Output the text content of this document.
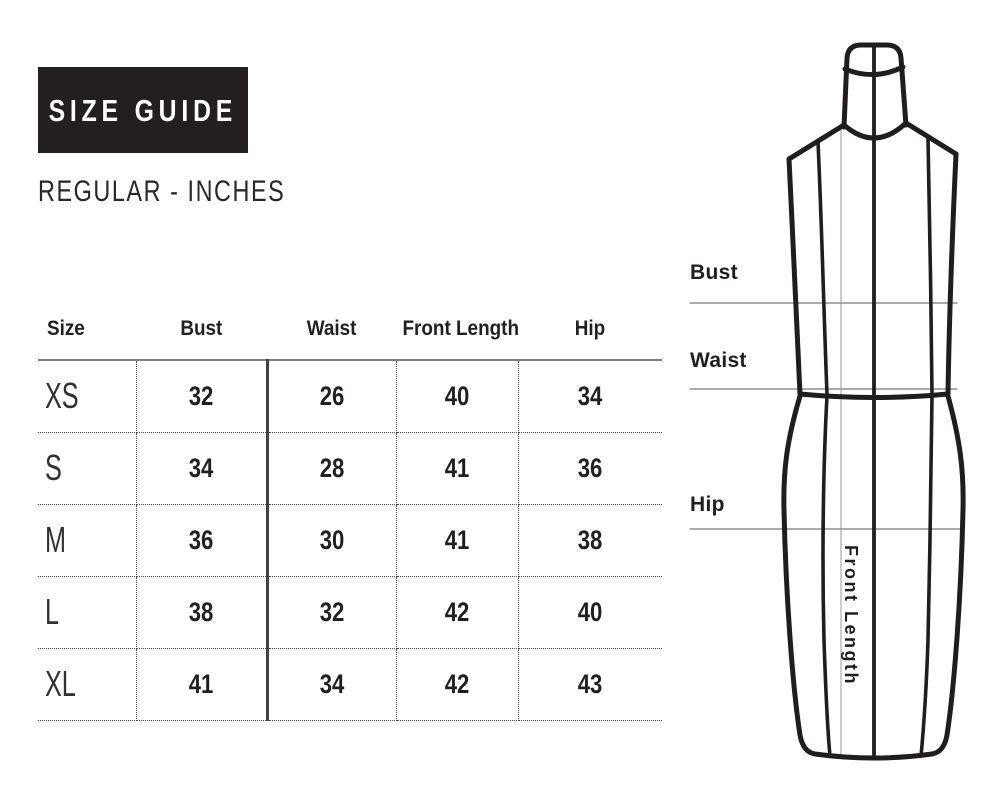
SIZE GUIDE
REGULAR - INCHES
Size	Bust	Waist	Front Length	Hip
XS	32	26	40	34
S	34	28	41	36
M	36	30	41	38
L	38	32	42	40
XL	41	34	42	43
Bust
Waist
Hip
Front Length
